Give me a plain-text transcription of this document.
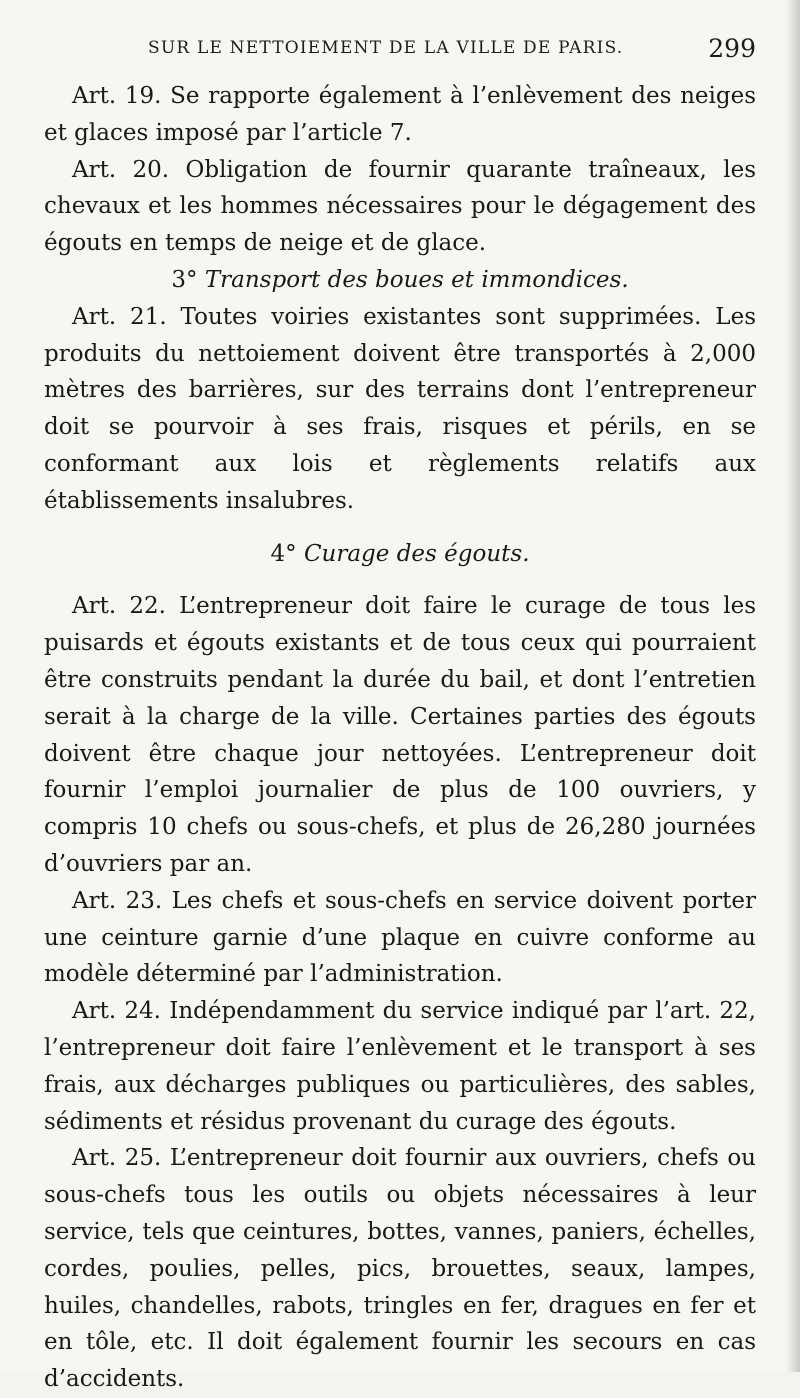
SUR LE NETTOIEMENT DE LA VILLE DE PARIS.	299

Art. 19. Se rapporte également à l’enlèvement des neiges et glaces imposé par l’article 7.

Art. 20. Obligation de fournir quarante traîneaux, les chevaux et les hommes nécessaires pour le dégagement des égouts en temps de neige et de glace.

3° Transport des boues et immondices.

Art. 21. Toutes voiries existantes sont supprimées. Les produits du nettoiement doivent être transportés à 2,000 mètres des barrières, sur des terrains dont l’entrepreneur doit se pourvoir à ses frais, risques et périls, en se conformant aux lois et règlements relatifs aux établissements insalubres.

4° Curage des égouts.

Art. 22. L’entrepreneur doit faire le curage de tous les puisards et égouts existants et de tous ceux qui pourraient être construits pendant la durée du bail, et dont l’entretien serait à la charge de la ville. Certaines parties des égouts doivent être chaque jour nettoyées. L’entrepreneur doit fournir l’emploi journalier de plus de 100 ouvriers, y compris 10 chefs ou sous-chefs, et plus de 26,280 journées d’ouvriers par an.

Art. 23. Les chefs et sous-chefs en service doivent porter une ceinture garnie d’une plaque en cuivre conforme au modèle déterminé par l’administration.

Art. 24. Indépendamment du service indiqué par l’art. 22, l’entrepreneur doit faire l’enlèvement et le transport à ses frais, aux décharges publiques ou particulières, des sables, sédiments et résidus provenant du curage des égouts.

Art. 25. L’entrepreneur doit fournir aux ouvriers, chefs ou sous-chefs tous les outils ou objets nécessaires à leur service, tels que ceintures, bottes, vannes, paniers, échelles, cordes, poulies, pelles, pics, brouettes, seaux, lampes, huiles, chandelles, rabots, tringles en fer, dragues en fer et en tôle, etc. Il doit également fournir les secours en cas d’accidents.
